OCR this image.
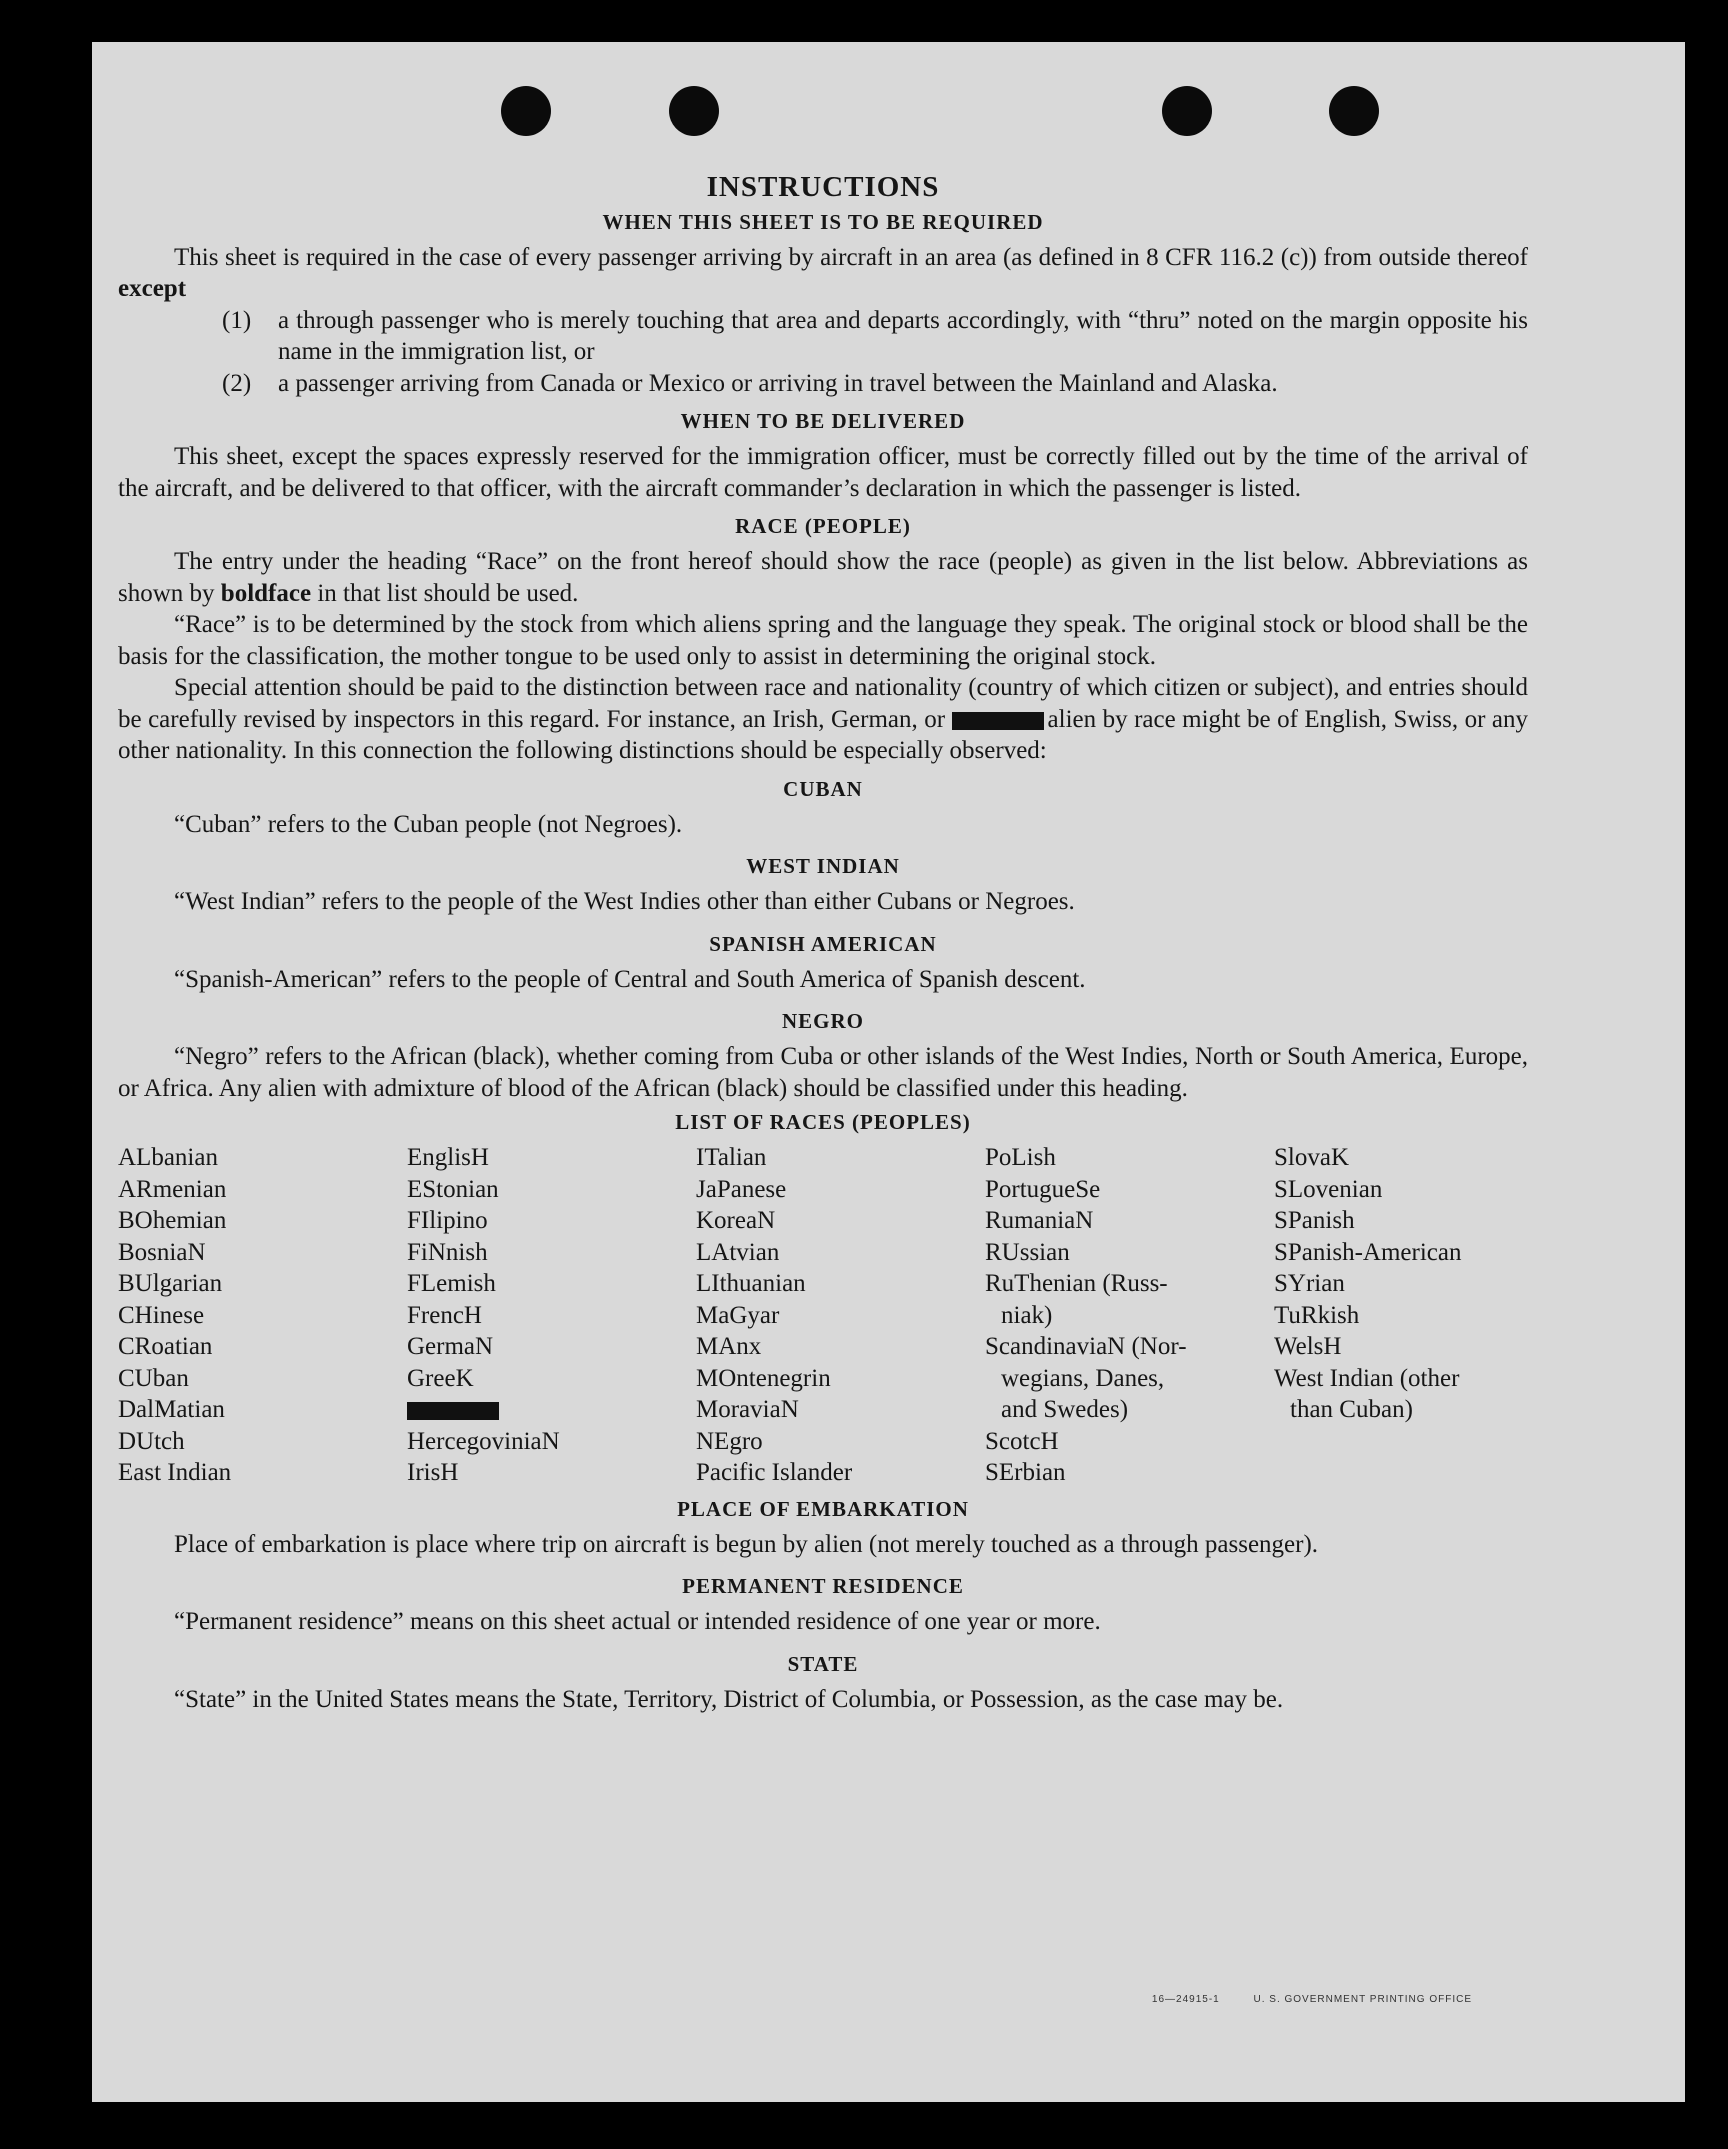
INSTRUCTIONS
WHEN THIS SHEET IS TO BE REQUIRED

This sheet is required in the case of every passenger arriving by aircraft in an area (as defined in 8 CFR 116.2 (c)) from outside thereof except

(1)	a through passenger who is merely touching that area and departs accordingly, with “thru” noted on the margin opposite his name in the immigration list, or
(2)	a passenger arriving from Canada or Mexico or arriving in travel between the Mainland and Alaska.
WHEN TO BE DELIVERED

This sheet, except the spaces expressly reserved for the immigration officer, must be correctly filled out by the time of the arrival of the aircraft, and be delivered to that officer, with the aircraft commander’s declaration in which the passenger is listed.

RACE (PEOPLE)

The entry under the heading “Race” on the front hereof should show the race (people) as given in the list below. Abbreviations as shown by boldface in that list should be used.

“Race” is to be determined by the stock from which aliens spring and the language they speak. The original stock or blood shall be the basis for the classification, the mother tongue to be used only to assist in determining the original stock.

Special attention should be paid to the distinction between race and nationality (country of which citizen or subject), and entries should be carefully revised by inspectors in this regard. For instance, an Irish, German, or	alien by race might be of English, Swiss, or any other nationality. In this connection the following distinctions should be especially observed:

CUBAN

“Cuban” refers to the Cuban people (not Negroes).

WEST INDIAN

“West Indian” refers to the people of the West Indies other than either Cubans or Negroes.

SPANISH AMERICAN

“Spanish-American” refers to the people of Central and South America of Spanish descent.

NEGRO

“Negro” refers to the African (black), whether coming from Cuba or other islands of the West Indies, North or South America, Europe, or Africa. Any alien with admixture of blood of the African (black) should be classified under this heading.

LIST OF RACES (PEOPLES)
ALbanian
ARmenian
BOhemian
BosniaN
BUlgarian
CHinese
CRoatian
CUban
DalMatian
DUtch
East Indian
EnglisH
EStonian
FIlipino
FiNnish
FLemish
FrencH
GermaN
GreeK
HercegoviniaN
IrisH
ITalian
JaPanese
KoreaN
LAtvian
LIthuanian
MaGyar
MAnx
MOntenegrin
MoraviaN
NEgro
Pacific Islander
PoLish
PortugueSe
RumaniaN
RUssian
RuThenian (Russ-
niak)
ScandinaviaN (Nor-
wegians, Danes,
and Swedes)
ScotcH
SErbian
SlovaK
SLovenian
SPanish
SPanish-American
SYrian
TuRkish
WelsH
West Indian (other
than Cuban)
PLACE OF EMBARKATION

Place of embarkation is place where trip on aircraft is begun by alien (not merely touched as a through passenger).

PERMANENT RESIDENCE

“Permanent residence” means on this sheet actual or intended residence of one year or more.

STATE

“State” in the United States means the State, Territory, District of Columbia, or Possession, as the case may be.

16—24915-1	U. S. GOVERNMENT PRINTING OFFICE
